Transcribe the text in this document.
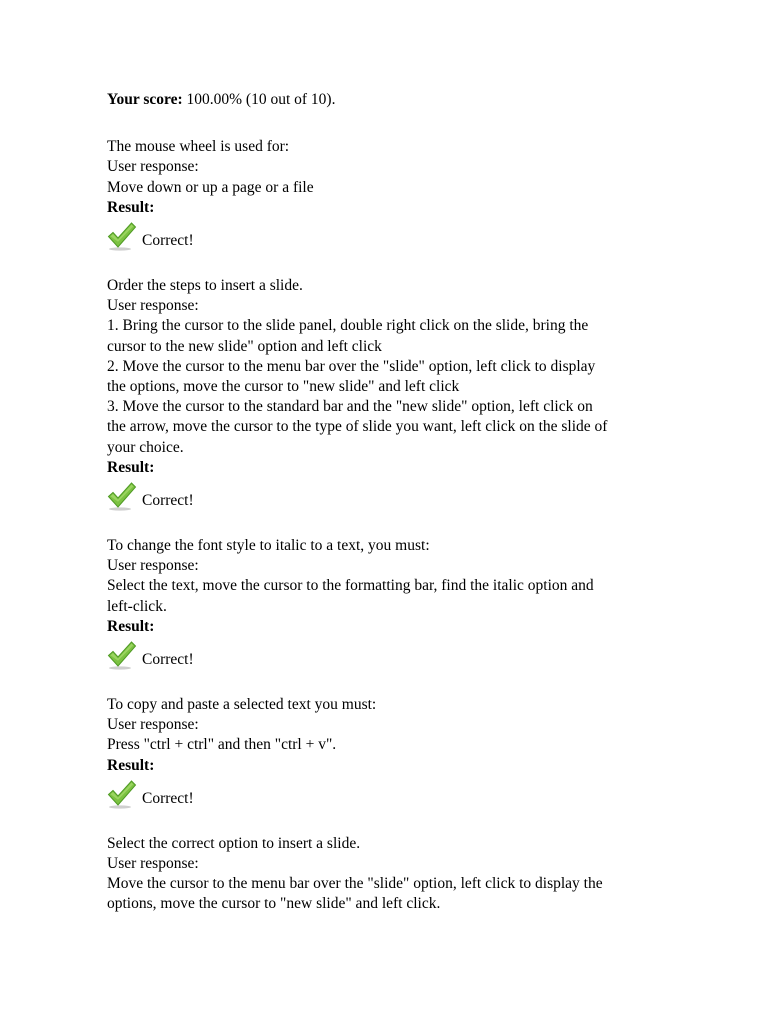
Your score: 100.00% (10 out of 10).

The mouse wheel is used for:
User response:
Move down or up a page or a file
Result:
Correct!
Order the steps to insert a slide.
User response:
1. Bring the cursor to the slide panel, double right click on the slide, bring the
cursor to the new slide" option and left click
2. Move the cursor to the menu bar over the "slide" option, left click to display
the options, move the cursor to "new slide" and left click
3. Move the cursor to the standard bar and the "new slide" option, left click on
the arrow, move the cursor to the type of slide you want, left click on the slide of
your choice.
Result:
Correct!
To change the font style to italic to a text, you must:
User response:
Select the text, move the cursor to the formatting bar, find the italic option and
left-click.
Result:
Correct!
To copy and paste a selected text you must:
User response:
Press "ctrl + ctrl" and then "ctrl + v".
Result:
Correct!
Select the correct option to insert a slide.
User response:
Move the cursor to the menu bar over the "slide" option, left click to display the
options, move the cursor to "new slide" and left click.
